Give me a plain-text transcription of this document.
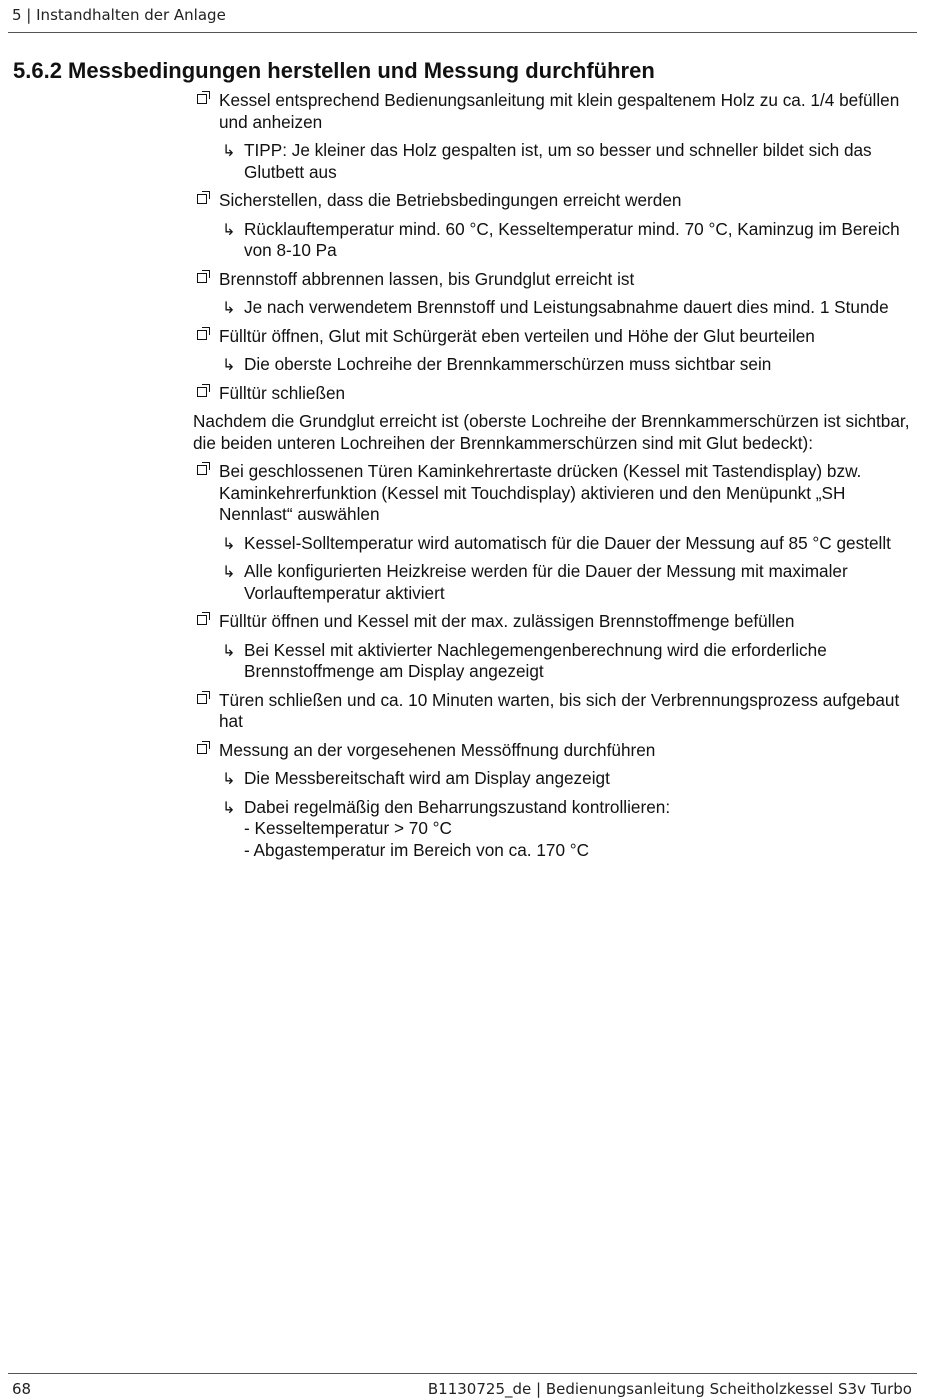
5 | Instandhalten der Anlage
5.6.2 Messbedingungen herstellen und Messung durchführen
Kessel entsprechend Bedienungsanleitung mit klein gespaltenem Holz zu ca. 1/4 befüllen und anheizen
↳ TIPP: Je kleiner das Holz gespalten ist, um so besser und schneller bildet sich das Glutbett aus
Sicherstellen, dass die Betriebsbedingungen erreicht werden
↳ Rücklauftemperatur mind. 60 °C, Kesseltemperatur mind. 70 °C, Kaminzug im Bereich von 8-10 Pa
Brennstoff abbrennen lassen, bis Grundglut erreicht ist
↳ Je nach verwendetem Brennstoff und Leistungsabnahme dauert dies mind. 1 Stunde
Fülltür öffnen, Glut mit Schürgerät eben verteilen und Höhe der Glut beurteilen
↳ Die oberste Lochreihe der Brennkammerschürzen muss sichtbar sein
Fülltür schließen

Nachdem die Grundglut erreicht ist (oberste Lochreihe der Brennkammerschürzen ist sichtbar, die beiden unteren Lochreihen der Brennkammerschürzen sind mit Glut bedeckt):

Bei geschlossenen Türen Kaminkehrertaste drücken (Kessel mit Tastendisplay) bzw. Kaminkehrerfunktion (Kessel mit Touchdisplay) aktivieren und den Menüpunkt „SH Nennlast“ auswählen
↳ Kessel-Solltemperatur wird automatisch für die Dauer der Messung auf 85 °C gestellt
↳ Alle konfigurierten Heizkreise werden für die Dauer der Messung mit maximaler Vorlauftemperatur aktiviert
Fülltür öffnen und Kessel mit der max. zulässigen Brennstoffmenge befüllen
↳ Bei Kessel mit aktivierter Nachlegemengenberechnung wird die erforderliche Brennstoffmenge am Display angezeigt
Türen schließen und ca. 10 Minuten warten, bis sich der Verbrennungsprozess aufgebaut hat
Messung an der vorgesehenen Messöffnung durchführen
↳ Die Messbereitschaft wird am Display angezeigt
↳ Dabei regelmäßig den Beharrungszustand kontrollieren:
- Kesseltemperatur > 70 °C
- Abgastemperatur im Bereich von ca. 170 °C
68	B1130725_de | Bedienungsanleitung Scheitholzkessel S3v Turbo
